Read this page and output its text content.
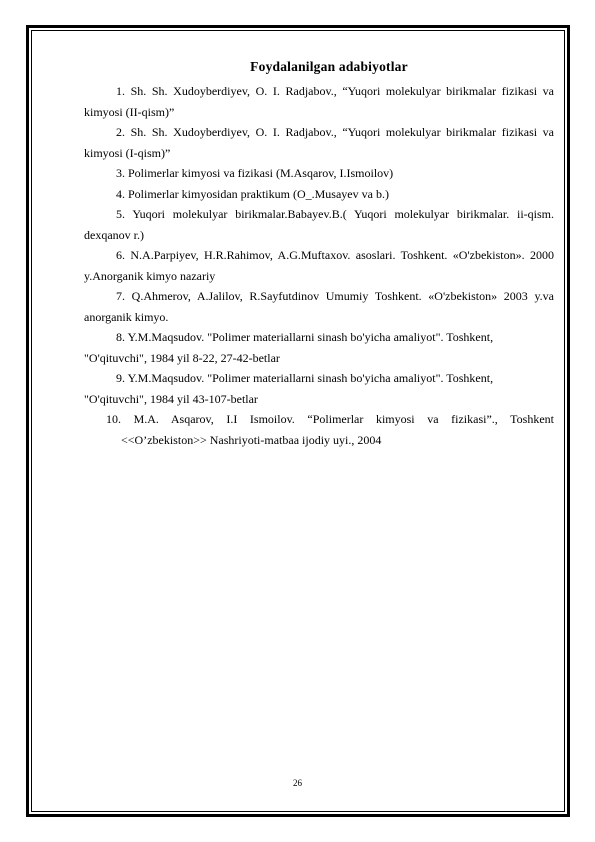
Foydalanilgan adabiyotlar

1. Sh. Sh. Xudoyberdiyev, O. I. Radjabov., “Yuqori molekulyar birikmalar fizikasi va kimyosi (II-qism)”

2. Sh. Sh. Xudoyberdiyev, O. I. Radjabov., “Yuqori molekulyar birikmalar fizikasi va kimyosi (I-qism)”

3. Polimerlar kimyosi va fizikasi (M.Asqarov, I.Ismoilov)

4. Polimerlar kimyosidan praktikum (O_.Musayev va b.)

5. Yuqori molekulyar birikmalar.Babayev.B.( Yuqori molekulyar birikmalar. ii-qism. dexqanov r.)

6. N.A.Parpiyev, H.R.Rahimov, A.G.Muftaxov. asoslari. Toshkent. «O'zbekiston». 2000 y.Anorganik kimyo nazariy

7. Q.Ahmerov, A.Jalilov, R.Sayfutdinov Umumiy Toshkent. «O'zbekiston» 2003 y.va anorganik kimyo.

8. Y.M.Maqsudov. "Polimer materiallarni sinash bo'yicha amaliyot". Toshkent,

"O'qituvchi", 1984 yil 8-22, 27-42-betlar

9. Y.M.Maqsudov. "Polimer materiallarni sinash bo'yicha amaliyot". Toshkent,

"O'qituvchi", 1984 yil 43-107-betlar

10. M.A. Asqarov, I.I Ismoilov. “Polimerlar kimyosi va fizikasi”., Toshkent <<O’zbekiston>> Nashriyoti-matbaa ijodiy uyi., 2004

26
